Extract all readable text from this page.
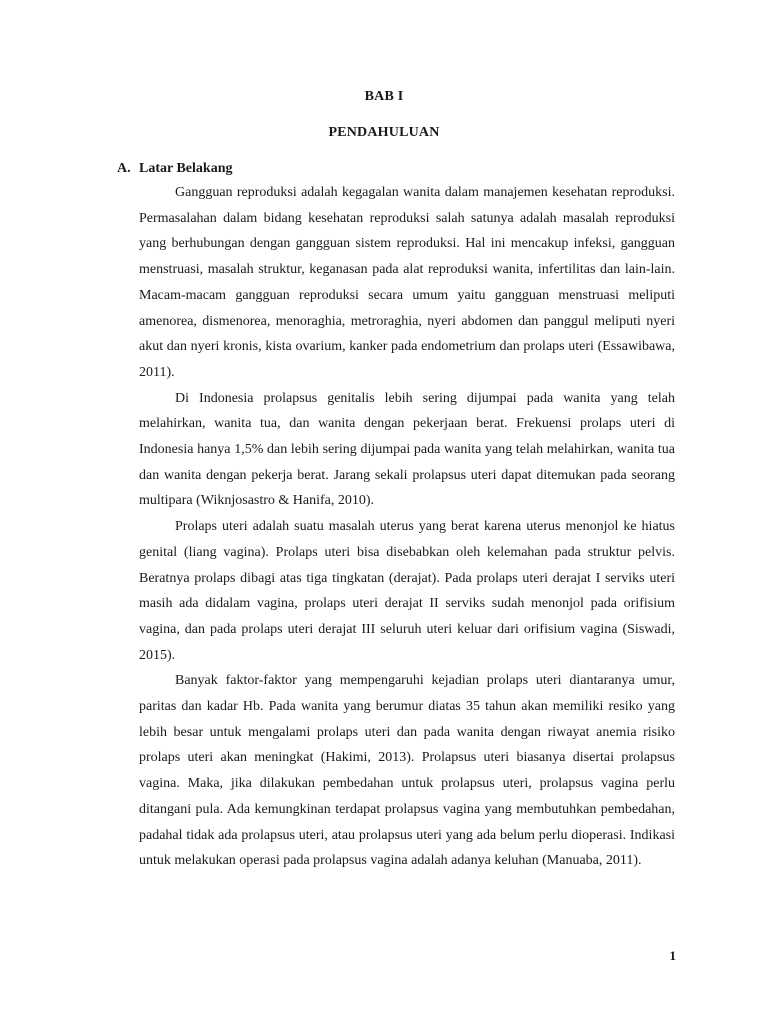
BAB I
PENDAHULUAN
A. Latar Belakang

Gangguan reproduksi adalah kegagalan wanita dalam manajemen kesehatan reproduksi. Permasalahan dalam bidang kesehatan reproduksi salah satunya adalah masalah reproduksi yang berhubungan dengan gangguan sistem reproduksi. Hal ini mencakup infeksi, gangguan menstruasi, masalah struktur, keganasan pada alat reproduksi wanita, infertilitas dan lain-lain. Macam-macam gangguan reproduksi secara umum yaitu gangguan menstruasi meliputi amenorea, dismenorea, menoraghia, metroraghia, nyeri abdomen dan panggul meliputi nyeri akut dan nyeri kronis, kista ovarium, kanker pada endometrium dan prolaps uteri (Essawibawa, 2011).

Di Indonesia prolapsus genitalis lebih sering dijumpai pada wanita yang telah melahirkan, wanita tua, dan wanita dengan pekerjaan berat. Frekuensi prolaps uteri di Indonesia hanya 1,5% dan lebih sering dijumpai pada wanita yang telah melahirkan, wanita tua dan wanita dengan pekerja berat. Jarang sekali prolapsus uteri dapat ditemukan pada seorang multipara (Wiknjosastro & Hanifa, 2010).

Prolaps uteri adalah suatu masalah uterus yang berat karena uterus menonjol ke hiatus genital (liang vagina). Prolaps uteri bisa disebabkan oleh kelemahan pada struktur pelvis. Beratnya prolaps dibagi atas tiga tingkatan (derajat). Pada prolaps uteri derajat I serviks uteri masih ada didalam vagina, prolaps uteri derajat II serviks sudah menonjol pada orifisium vagina, dan pada prolaps uteri derajat III seluruh uteri keluar dari orifisium vagina (Siswadi, 2015).

Banyak faktor-faktor yang mempengaruhi kejadian prolaps uteri diantaranya umur, paritas dan kadar Hb. Pada wanita yang berumur diatas 35 tahun akan memiliki resiko yang lebih besar untuk mengalami prolaps uteri dan pada wanita dengan riwayat anemia risiko prolaps uteri akan meningkat (Hakimi, 2013). Prolapsus uteri biasanya disertai prolapsus vagina. Maka, jika dilakukan pembedahan untuk prolapsus uteri, prolapsus vagina perlu ditangani pula. Ada kemungkinan terdapat prolapsus vagina yang membutuhkan pembedahan, padahal tidak ada prolapsus uteri, atau prolapsus uteri yang ada belum perlu dioperasi. Indikasi untuk melakukan operasi pada prolapsus vagina adalah adanya keluhan (Manuaba, 2011).

1
